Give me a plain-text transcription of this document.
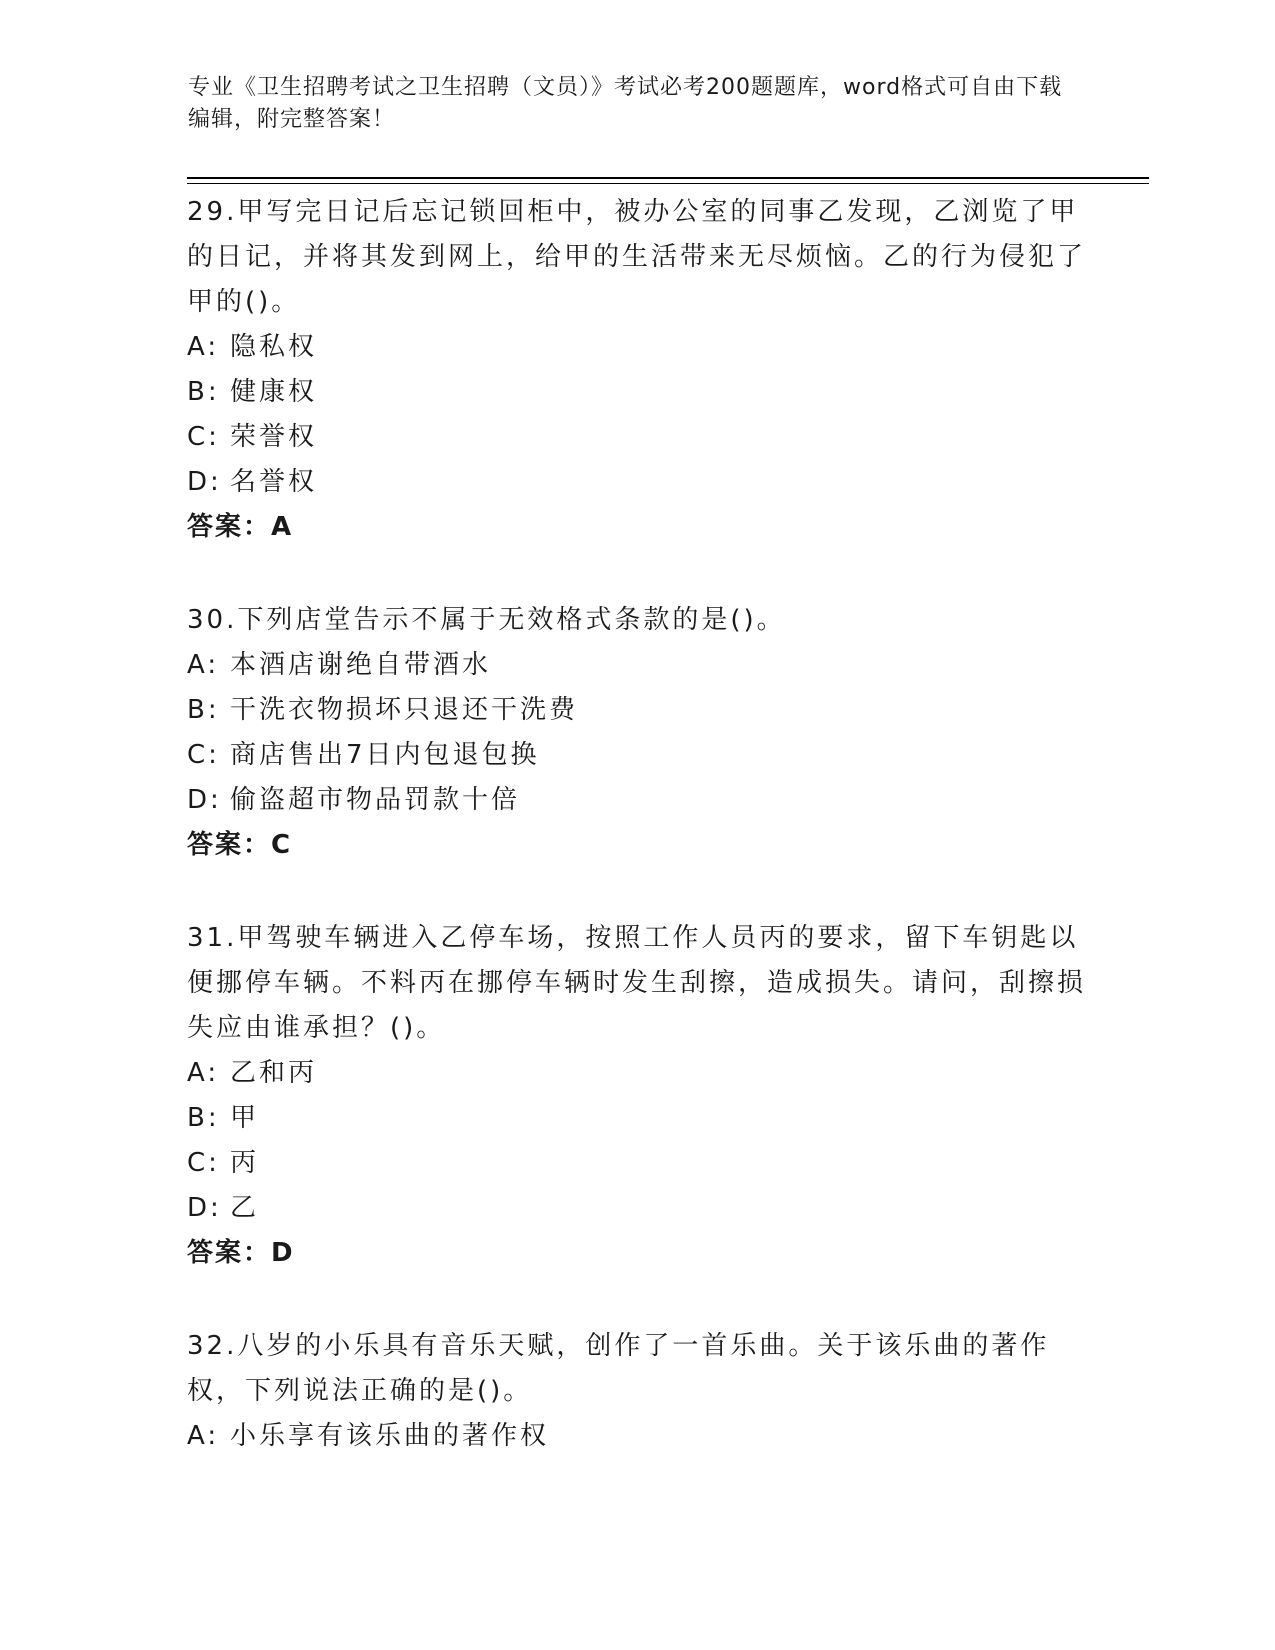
专业《卫生招聘考试之卫生招聘（文员）》考试必考200题题库，word格式可自由下载编辑，附完整答案！

29.甲写完日记后忘记锁回柜中，被办公室的同事乙发现，乙浏览了甲的日记，并将其发到网上，给甲的生活带来无尽烦恼。乙的行为侵犯了甲的()。

A: 隐私权
B: 健康权
C: 荣誉权
D: 名誉权
答案：A

30.下列店堂告示不属于无效格式条款的是()。

A: 本酒店谢绝自带酒水
B: 干洗衣物损坏只退还干洗费
C: 商店售出7日内包退包换
D: 偷盗超市物品罚款十倍
答案：C

31.甲驾驶车辆进入乙停车场，按照工作人员丙的要求，留下车钥匙以便挪停车辆。不料丙在挪停车辆时发生刮擦，造成损失。请问，刮擦损失应由谁承担？()。

A: 乙和丙
B: 甲
C: 丙
D: 乙
答案：D

32.八岁的小乐具有音乐天赋，创作了一首乐曲。关于该乐曲的著作权，下列说法正确的是()。

A: 小乐享有该乐曲的著作权
